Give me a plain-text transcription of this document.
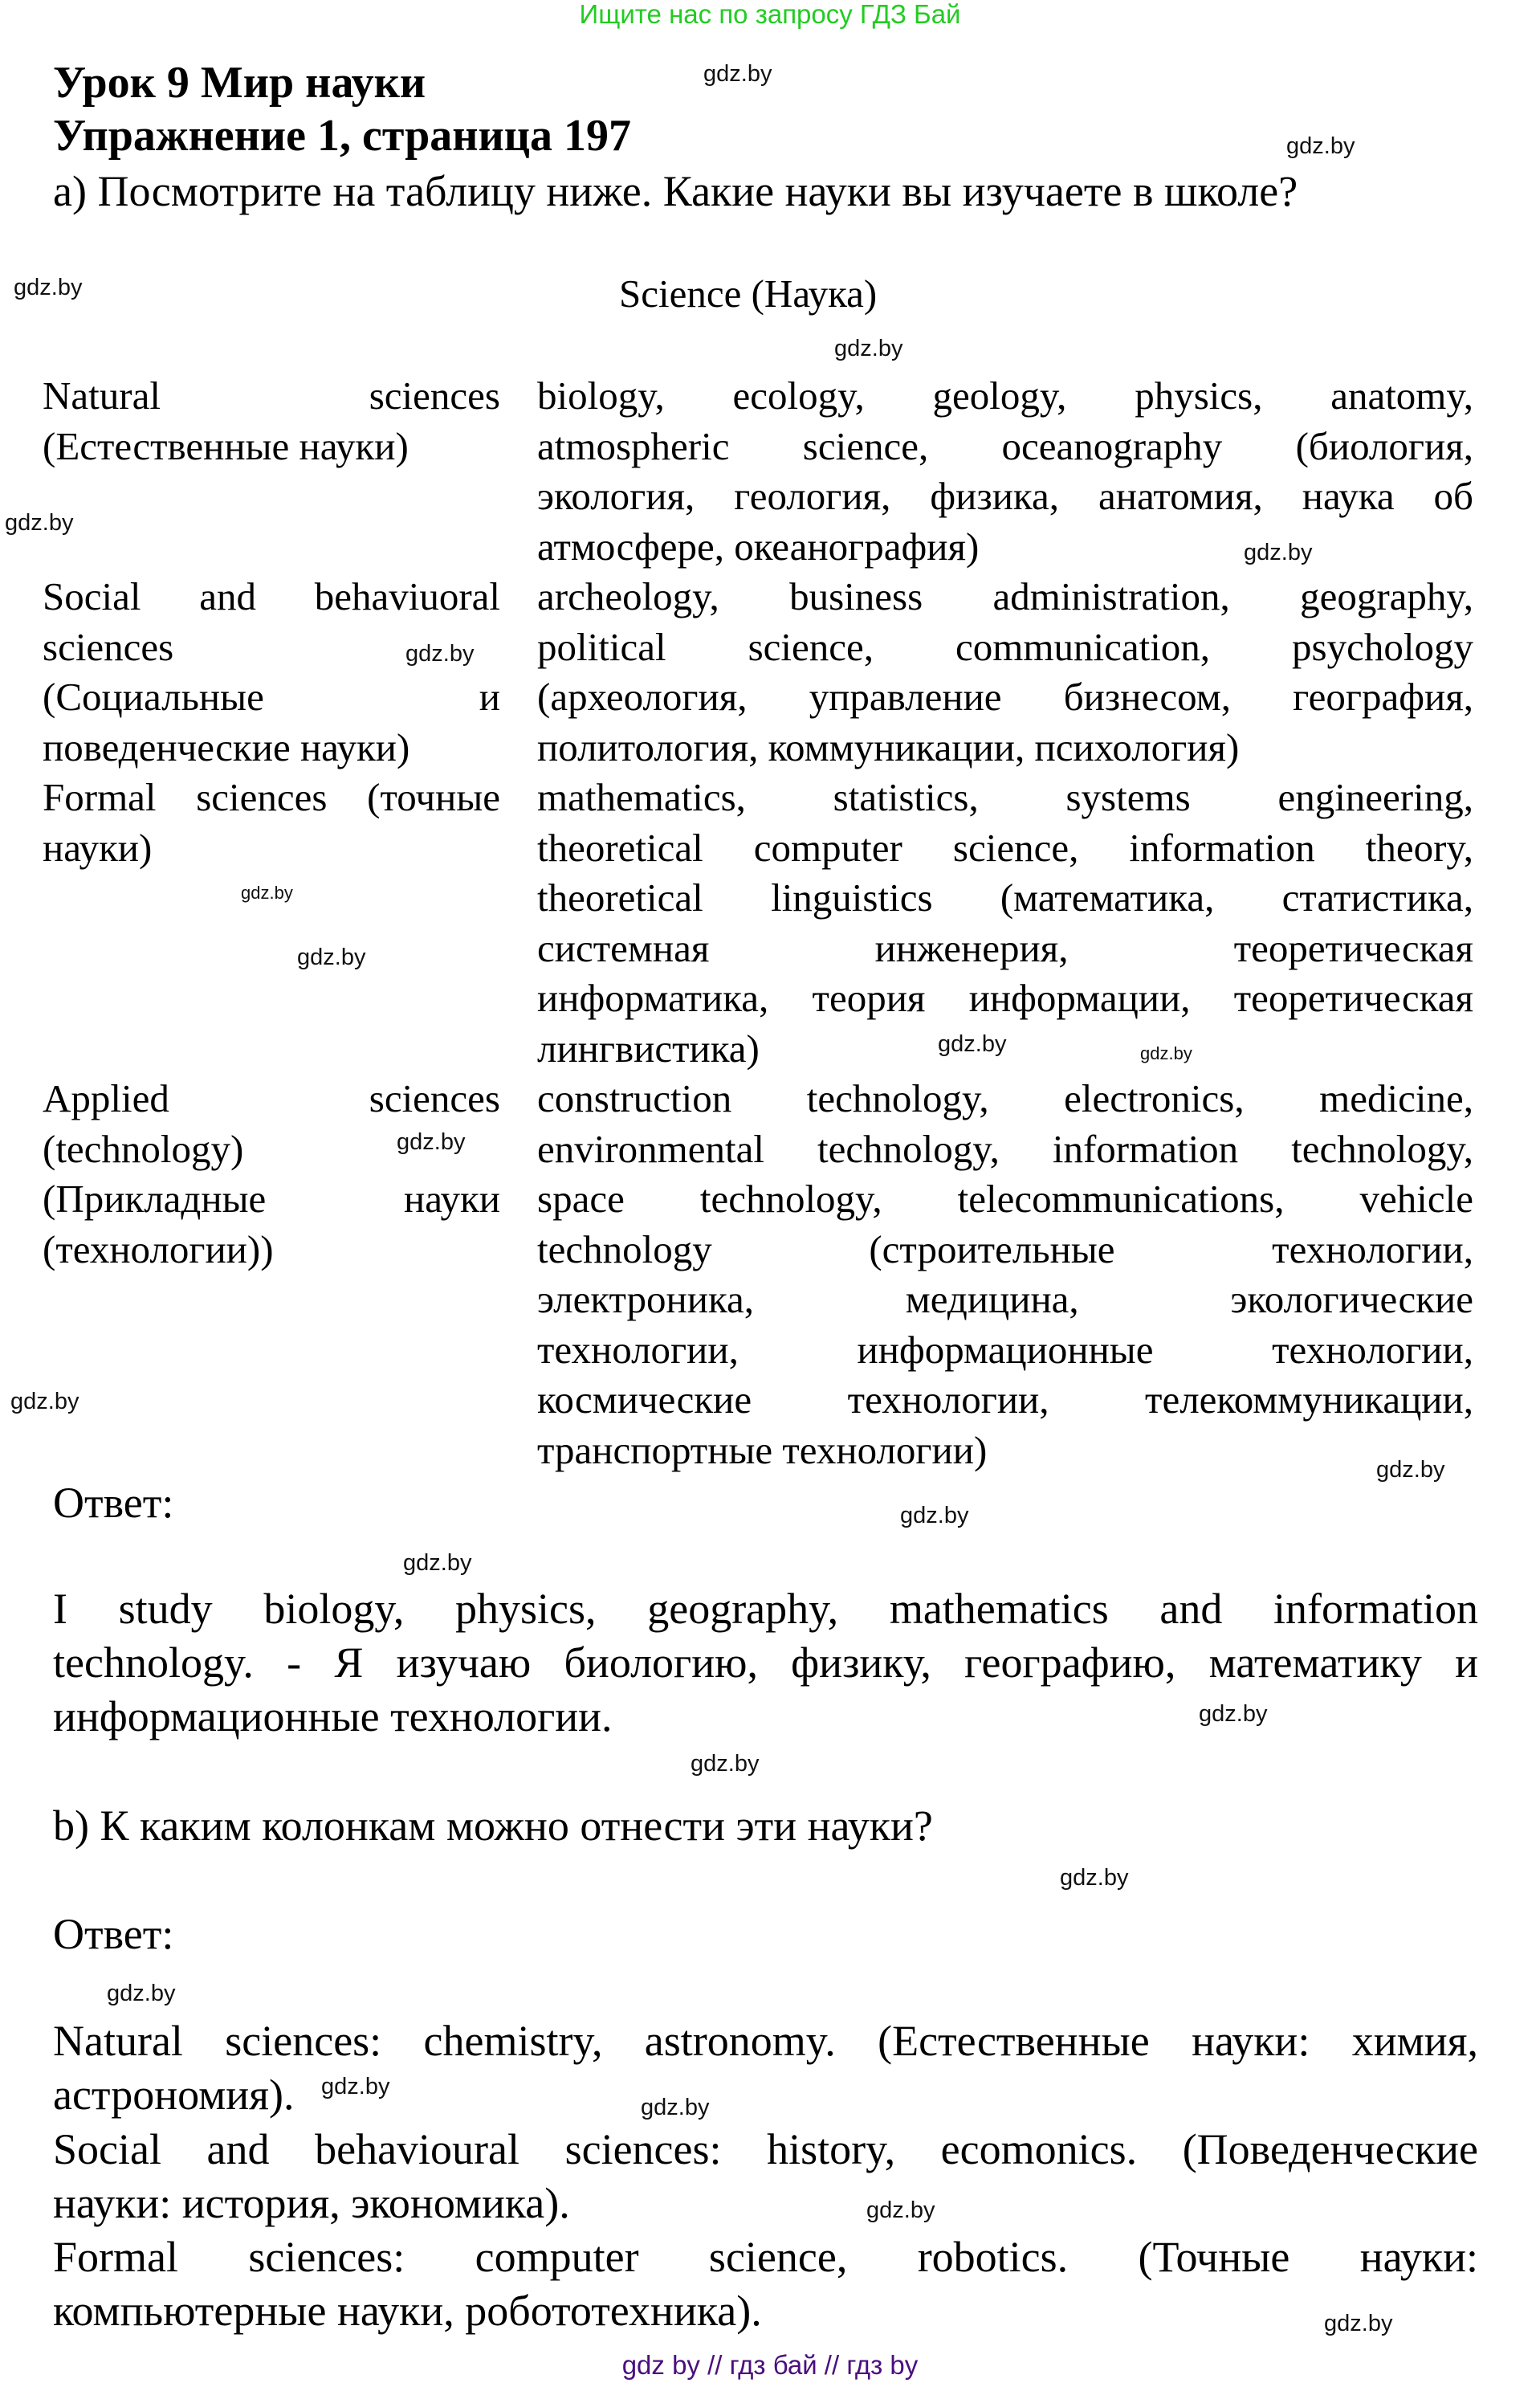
Ищите нас по запросу ГДЗ Бай
Урок 9 Мир науки
Упражнение 1, страница 197
а) Посмотрите на таблицу ниже. Какие науки вы изучаете в школе?
Science (Наука)
Natural sciences
(Естественные науки)
biology, ecology, geology, physics, anatomy,
atmospheric science, oceanography (биология,
экология, геология, физика, анатомия, наука об
атмосфере, океанография)
Social and behaviuoral
sciences
(Социальные и
поведенческие науки)
archeology, business administration, geography,
political science, communication, psychology
(археология, управление бизнесом, география,
политология, коммуникации, психология)
Formal sciences (точные
науки)
mathematics, statistics, systems engineering,
theoretical computer science, information theory,
theoretical linguistics (математика, статистика,
системная инженерия, теоретическая
информатика, теория информации, теоретическая
лингвистика)
Applied sciences
(technology)
(Прикладные науки
(технологии))
construction technology, electronics, medicine,
environmental technology, information technology,
space technology, telecommunications, vehicle
technology (строительные технологии,
электроника, медицина, экологические
технологии, информационные технологии,
космические технологии, телекоммуникации,
транспортные технологии)
Ответ:
I study biology, physics, geography, mathematics and information
technology. - Я изучаю биологию, физику, географию, математику и
информационные технологии.
b) К каким колонкам можно отнести эти науки?
Ответ:
Natural sciences: chemistry, astronomy. (Естественные науки: химия,
астрономия).
Social and behavioural sciences: history, ecomonics. (Поведенческие
науки: история, экономика).
Formal sciences: computer science, robotics. (Точные науки:
компьютерные науки, робототехника).
gdz by // гдз бай // гдз by
gdz.by
gdz.by
gdz.by
gdz.by
gdz.by
gdz.by
gdz.by
gdz.by
gdz.by
gdz.by
gdz.by
gdz.by
gdz.by
gdz.by
gdz.by
gdz.by
gdz.by
gdz.by
gdz.by
gdz.by
gdz.by
gdz.by
gdz.by
gdz.by
